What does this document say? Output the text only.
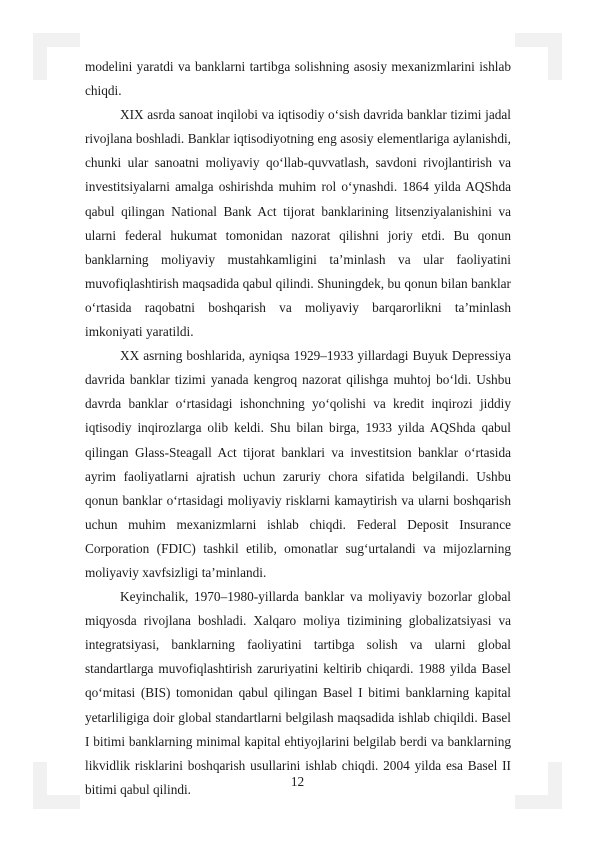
modelini yaratdi va banklarni tartibga solishning asosiy mexanizmlarini ishlab chiqdi.

XIX asrda sanoat inqilobi va iqtisodiy o‘sish davrida banklar tizimi jadal rivojlana boshladi. Banklar iqtisodiyotning eng asosiy elementlariga aylanishdi, chunki ular sanoatni moliyaviy qo‘llab-quvvatlash, savdoni rivojlantirish va investitsiyalarni amalga oshirishda muhim rol o‘ynashdi. 1864 yilda AQShda qabul qilingan National Bank Act tijorat banklarining litsenziyalanishini va ularni federal hukumat tomonidan nazorat qilishni joriy etdi. Bu qonun banklarning moliyaviy mustahkamligini ta’minlash va ular faoliyatini muvofiqlashtirish maqsadida qabul qilindi. Shuningdek, bu qonun bilan banklar o‘rtasida raqobatni boshqarish va moliyaviy barqarorlikni ta’minlash imkoniyati yaratildi.

XX asrning boshlarida, ayniqsa 1929–1933 yillardagi Buyuk Depressiya davrida banklar tizimi yanada kengroq nazorat qilishga muhtoj bo‘ldi. Ushbu davrda banklar o‘rtasidagi ishonchning yo‘qolishi va kredit inqirozi jiddiy iqtisodiy inqirozlarga olib keldi. Shu bilan birga, 1933 yilda AQShda qabul qilingan Glass-Steagall Act tijorat banklari va investitsion banklar o‘rtasida ayrim faoliyatlarni ajratish uchun zaruriy chora sifatida belgilandi. Ushbu qonun banklar o‘rtasidagi moliyaviy risklarni kamaytirish va ularni boshqarish uchun muhim mexanizmlarni ishlab chiqdi. Federal Deposit Insurance Corporation (FDIC) tashkil etilib, omonatlar sug‘urtalandi va mijozlarning moliyaviy xavfsizligi ta’minlandi.

Keyinchalik, 1970–1980-yillarda banklar va moliyaviy bozorlar global miqyosda rivojlana boshladi. Xalqaro moliya tizimining globalizatsiyasi va integratsiyasi, banklarning faoliyatini tartibga solish va ularni global standartlarga muvofiqlashtirish zaruriyatini keltirib chiqardi. 1988 yilda Basel qo‘mitasi (BIS) tomonidan qabul qilingan Basel I bitimi banklarning kapital yetarliligiga doir global standartlarni belgilash maqsadida ishlab chiqildi. Basel I bitimi banklarning minimal kapital ehtiyojlarini belgilab berdi va banklarning likvidlik risklarini boshqarish usullarini ishlab chiqdi. 2004 yilda esa Basel II bitimi qabul qilindi.

12
